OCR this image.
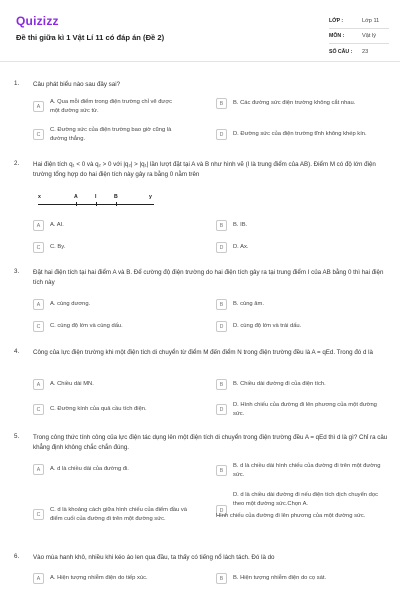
Quizizz
Đề thi giữa kì 1 Vật Lí 11 có đáp án (Đề 2)
LỚP :	Lớp 11
MÔN :	Vật lý
SỐ CÂU :	23
1. Câu phát biểu nào sau đây sai?
A
A. Qua mỗi điểm trong điện trường chỉ vẽ được một đường sức từ.
B	B. Các đường sức điện trường không cắt nhau.
C
C. Đường sức của điện trường bao giờ cũng là đường thẳng.
D	D. Đường sức của điện trường tĩnh không khép kín.
2. Hai điện tích q₁ < 0 và q₂ > 0 với |q₂| > |q₁| lần lượt đặt tại A và B như hình vẽ (I là trung điểm của AB). Điểm M có độ lớn điện trường tổng hợp do hai điện tích này gây ra bằng 0 nằm trên
x	A	I	B	y
A	A. AI.	B	B. IB.
C	C. By.	D	D. Ax.
3. Đặt hai điện tích tại hai điểm A và B. Để cường độ điện trường do hai điện tích gây ra tại trung điểm I của AB bằng 0 thì hai điện tích này
A	A. cùng dương.	B	B. cùng âm.
C	C. cùng độ lớn và cùng dấu.	D	D. cùng độ lớn và trái dấu.
4. Công của lực điện trường khi một điện tích di chuyển từ điểm M đến điểm N trong điện trường đều là A = qEd. Trong đó d là
A	A. Chiều dài MN.	B	B. Chiều dài đường đi của điện tích.
C	C. Đường kính của quả cầu tích điện.	D
D. Hình chiếu của đường đi lên phương của một đường sức.
5. Trong công thức tính công của lực điện tác dụng lên một điện tích di chuyển trong điện trường đều A = qEd thì d là gì? Chỉ ra câu khẳng định không chắc chắn đúng.
A	A. d là chiều dài của đường đi.	B
B. d là chiều dài hình chiếu của đường đi trên một đường sức.
C
C. d là khoảng cách giữa hình chiếu của điểm đầu và điểm cuối của đường đi trên một đường sức.
D
D. d là chiều dài đường đi nếu điện tích dịch chuyển dọc theo một đường sức.Chọn A.
Hình chiếu của đường đi lên phương của một đường sức.
6. Vào mùa hanh khô, nhiều khi kéo áo len qua đầu, ta thấy có tiếng nổ lách tách. Đó là do
A	A. Hiện tượng nhiễm điện do tiếp xúc.	B	B. Hiện tượng nhiễm điện do cọ sát.
